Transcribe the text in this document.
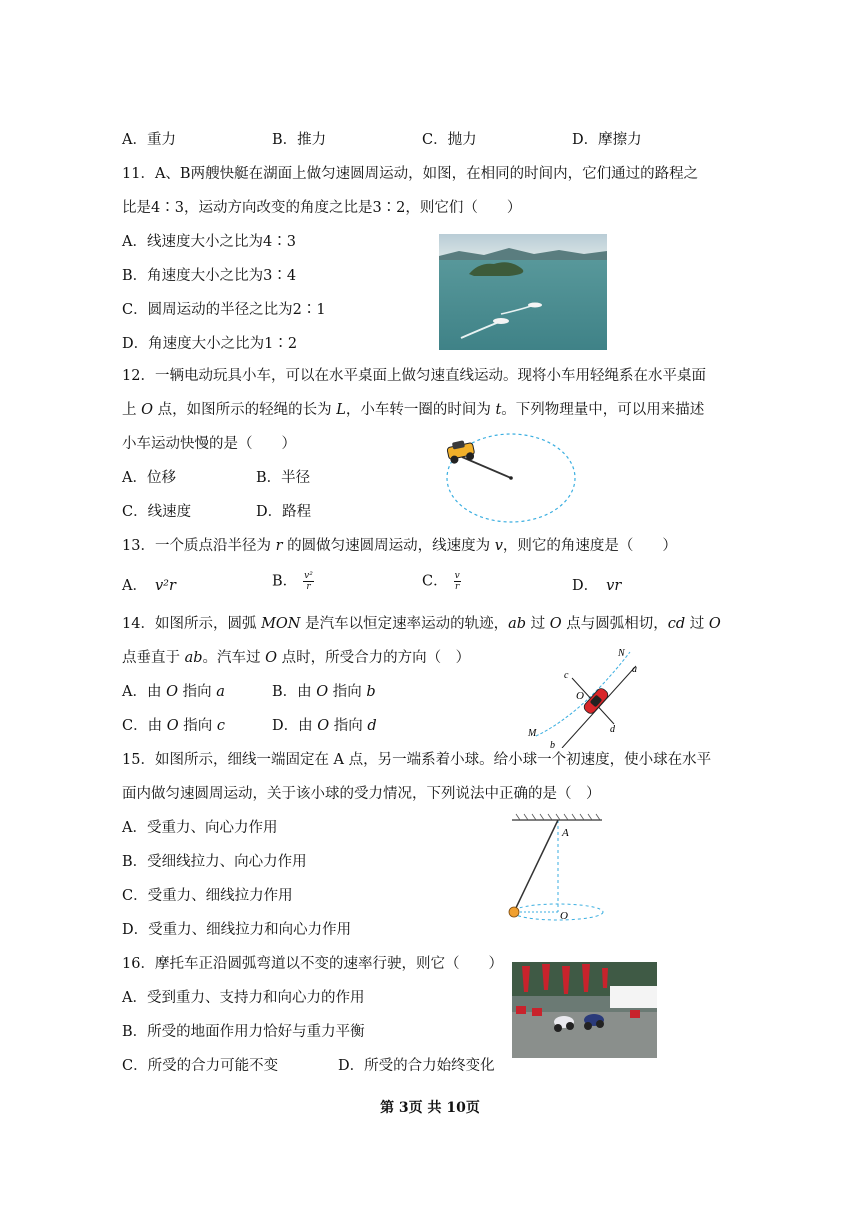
A．重力	B．推力	C．抛力	D．摩擦力
11．A、B两艘快艇在湖面上做匀速圆周运动，如图，在相同的时间内，它们通过的路程之
比是4∶3，运动方向改变的角度之比是3∶2，则它们（　　）
A．线速度大小之比为4∶3
B．角速度大小之比为3∶4
C．圆周运动的半径之比为2∶1
D．角速度大小之比为1∶2
12．一辆电动玩具小车，可以在水平桌面上做匀速直线运动。现将小车用轻绳系在水平桌面
上 O 点，如图所示的轻绳的长为 L，小车转一圈的时间为 t。下列物理量中，可以用来描述
小车运动快慢的是（　　）
A．位移	B．半径
C．线速度	D．路程
13．一个质点沿半径为 r 的圆做匀速圆周运动，线速度为 v，则它的角速度是（　　）
A． v²r	B． $\frac{\text{v²}}{r}$	C． $\frac{v}{r}$	D． vr
14．如图所示，圆弧 MON 是汽车以恒定速率运动的轨迹，ab 过 O 点与圆弧相切，cd 过 O
点垂直于 ab。汽车过 O 点时，所受合力的方向（　）
A．由 O 指向 a	B．由 O 指向 b
C．由 O 指向 c	D．由 O 指向 d
N
a
c
O
d
M
b
15．如图所示，细线一端固定在 A 点，另一端系着小球。给小球一个初速度，使小球在水平
面内做匀速圆周运动，关于该小球的受力情况，下列说法中正确的是（　）
A．受重力、向心力作用
B．受细线拉力、向心力作用
C．受重力、细线拉力作用
D．受重力、细线拉力和向心力作用
A
O
16．摩托车正沿圆弧弯道以不变的速率行驶，则它（　　）
A．受到重力、支持力和向心力的作用
B．所受的地面作用力恰好与重力平衡
C．所受的合力可能不变	D．所受的合力始终变化
第 3页 共 10页
